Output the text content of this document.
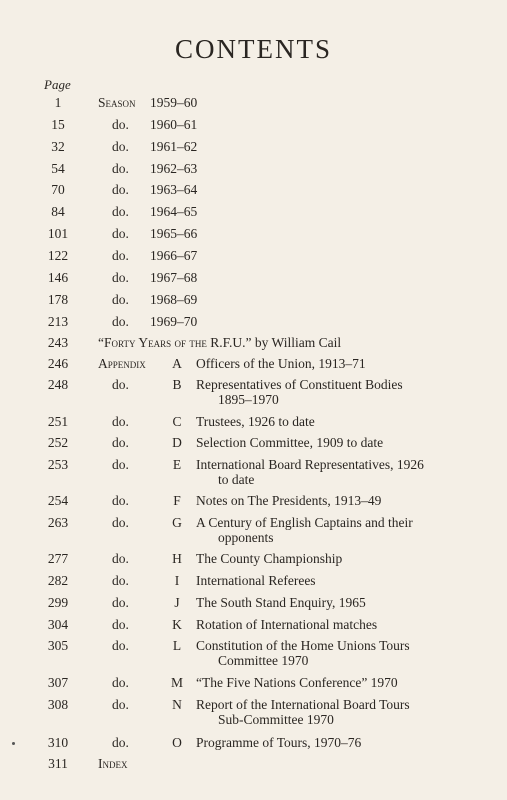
CONTENTS
Page
1	Season 1959–60
15	do. 1960–61
32	do. 1961–62
54	do. 1962–63
70	do. 1963–64
84	do. 1964–65
101	do. 1965–66
122	do. 1966–67
146	do. 1967–68
178	do. 1968–69
213	do. 1969–70
243	“Forty Years of the R.F.U.” by William Cail
246	Appendix A Officers of the Union, 1913–71
248	do.	B Representatives of Constituent Bodies
1895–1970
251	do.	C Trustees, 1926 to date
252	do.	D Selection Committee, 1909 to date
253	do.	E International Board Representatives, 1926
to date
254	do.	F Notes on The Presidents, 1913–49
263	do.	G A Century of English Captains and their
opponents
277	do.	H The County Championship
282	do.	I	International Referees
299	do.	J	The South Stand Enquiry, 1965
304	do.	K Rotation of International matches
305	do.	L Constitution of the Home Unions Tours
Committee 1970
307	do.	M “The Five Nations Conference” 1970
308	do.	N Report of the International Board Tours
Sub-Committee 1970
310	do.	O Programme of Tours, 1970–76
311	Index
